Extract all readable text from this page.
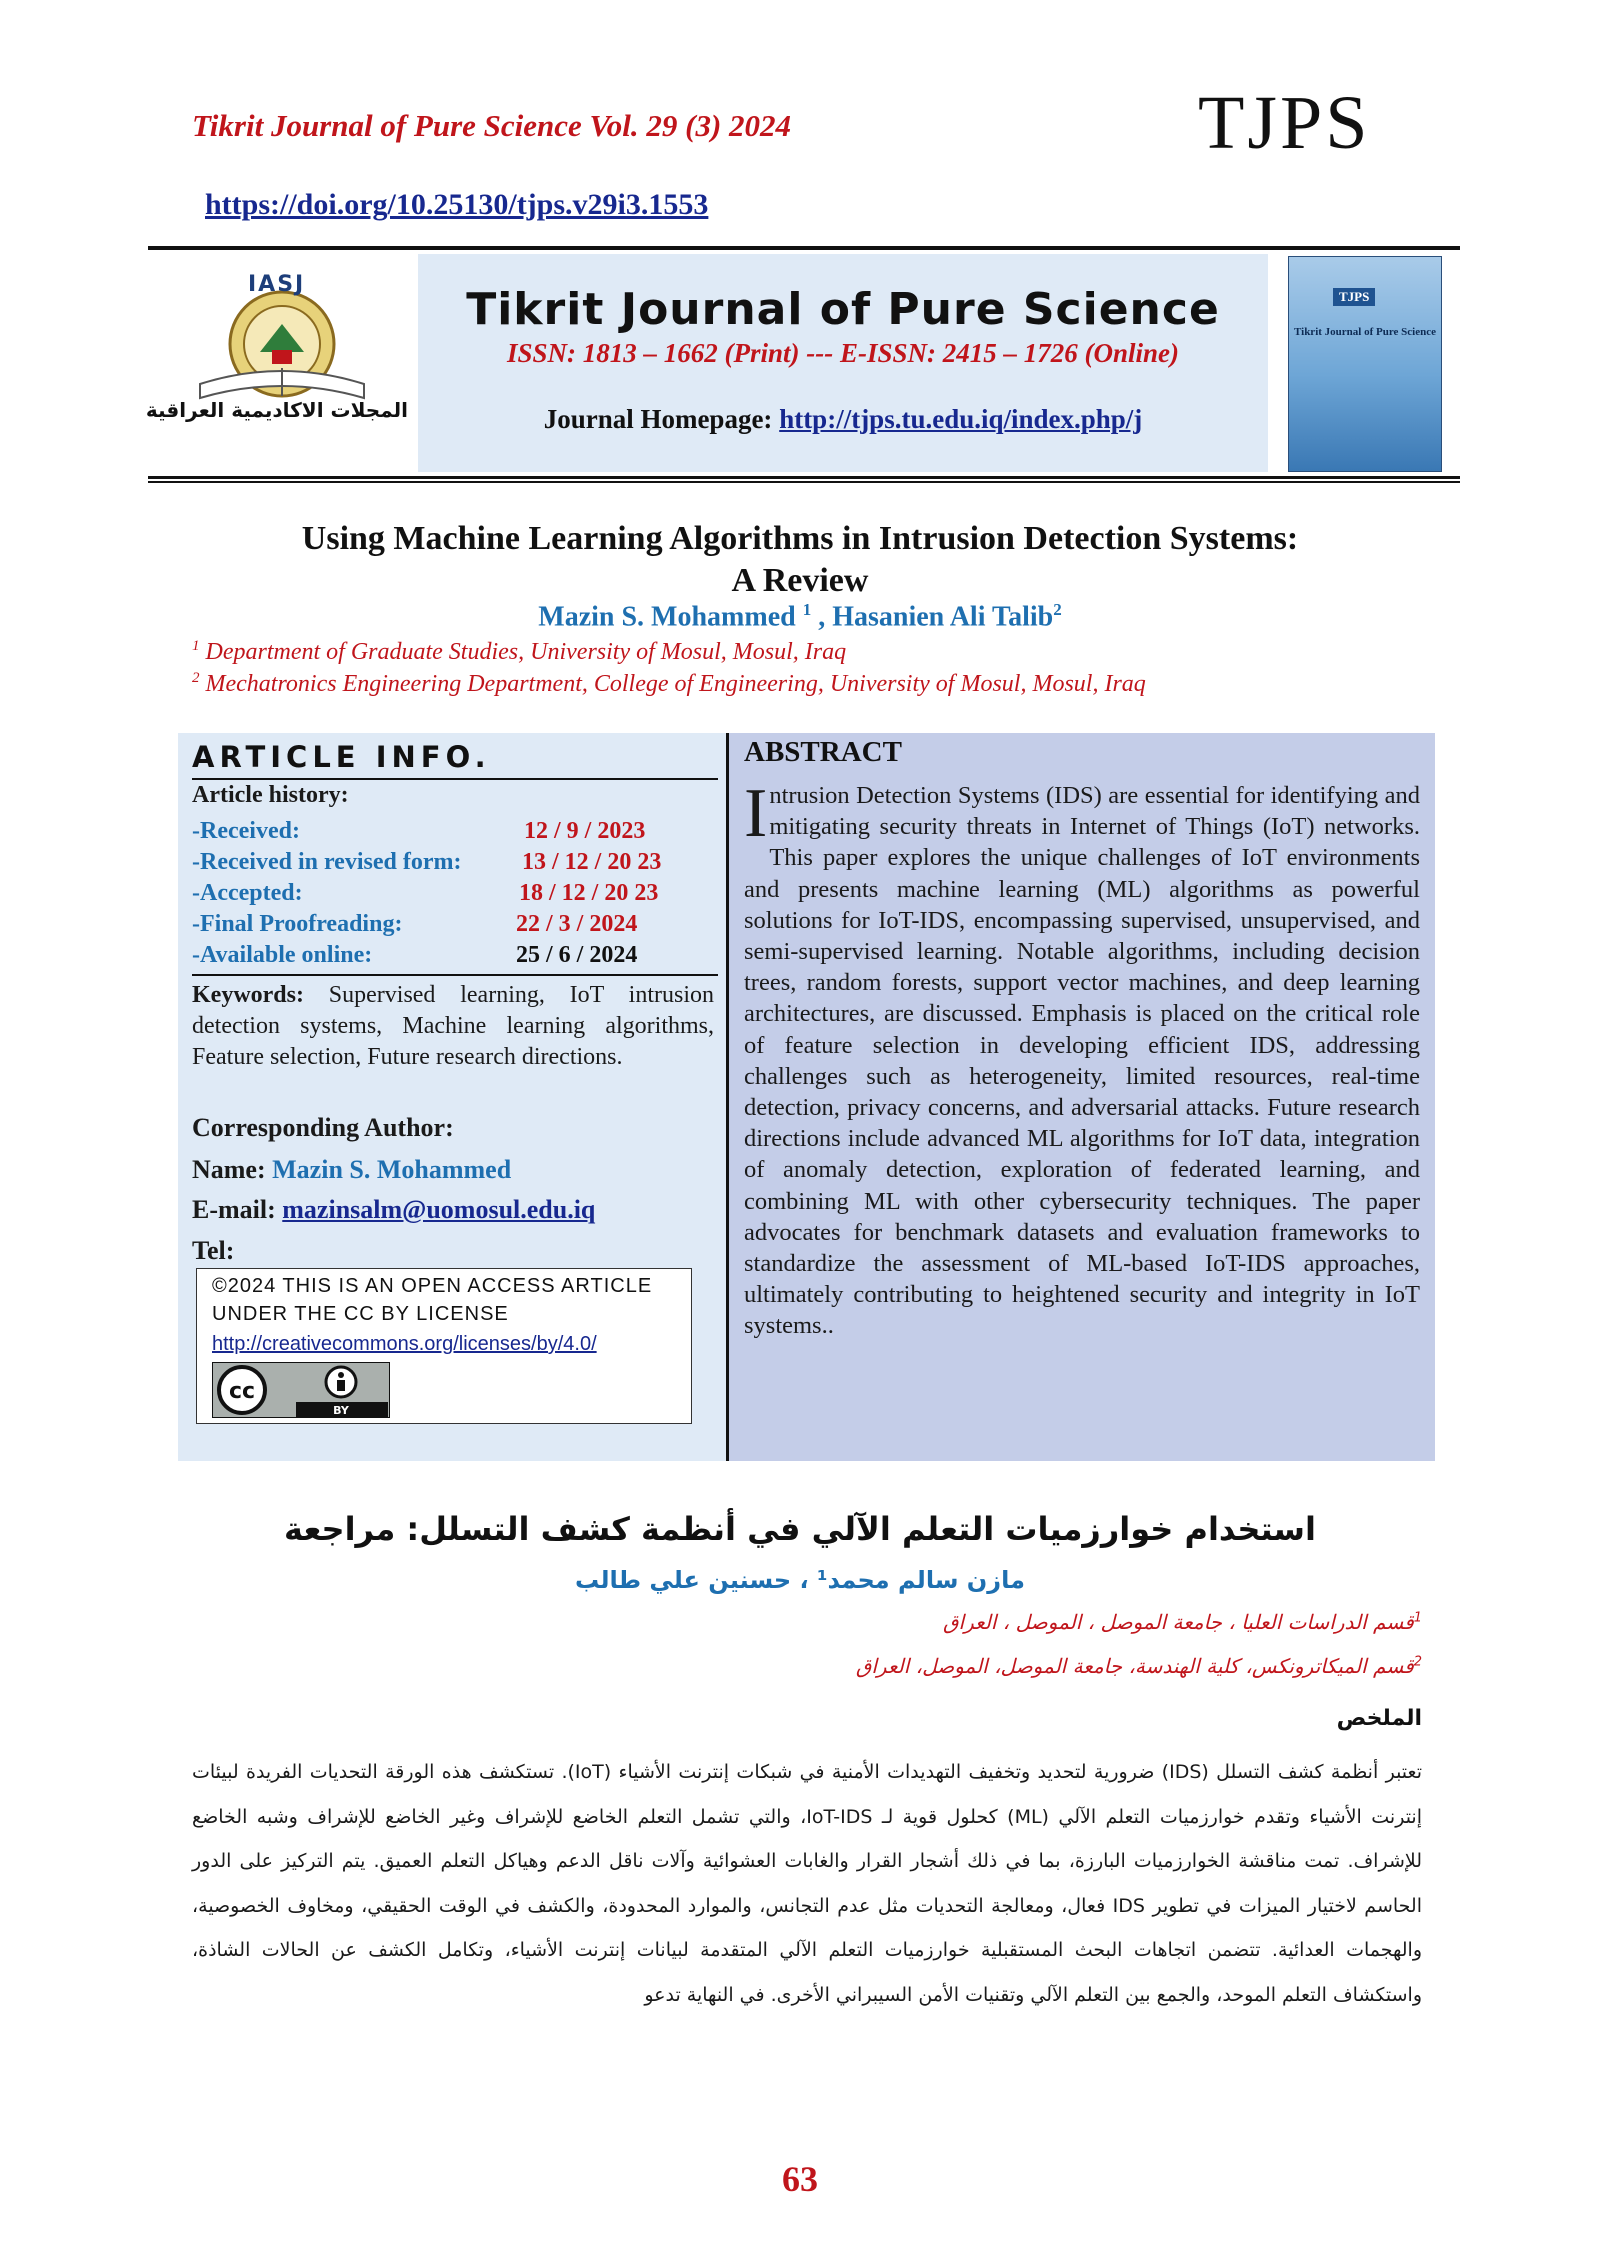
Tikrit Journal of Pure Science Vol. 29 (3) 2024	TJPS
https://doi.org/10.25130/tjps.v29i3.1553
IASJ
المجلات الاكاديمية العراقية
Tikrit Journal of Pure Science
ISSN: 1813 – 1662 (Print) --- E-ISSN: 2415 – 1726 (Online)
Journal Homepage: http://tjps.tu.edu.iq/index.php/j
TJPS
Tikrit Journal of Pure Science
Using Machine Learning Algorithms in Intrusion Detection Systems:
A Review
Mazin S. Mohammed $^1$ , Hasanien Ali Talib$^2$
$^1$ Department of Graduate Studies, University of Mosul, Mosul, Iraq
$^2$ Mechatronics Engineering Department, College of Engineering, University of Mosul, Mosul, Iraq
ARTICLE INFO.
Article history:
-Received:	12 / 9 / 2023
-Received in revised form:	13 / 12 / 20 23
-Accepted:	18 / 12 / 20 23
-Final Proofreading:	22 / 3 / 2024
-Available online:	25 / 6 / 2024
Keywords: Supervised learning, IoT intrusion detection systems, Machine learning algorithms, Feature selection, Future research directions.
Corresponding Author:
Name: Mazin S. Mohammed
E-mail: mazinsalm@uomosul.edu.iq
Tel:
©2024 THIS IS AN OPEN ACCESS ARTICLE
UNDER THE CC BY LICENSE
http://creativecommons.org/licenses/by/4.0/
cc
BY
ABSTRACT
Intrusion Detection Systems (IDS) are essential for identifying and mitigating security threats in Internet of Things (IoT) networks. This paper explores the unique challenges of IoT environments and presents machine learning (ML) algorithms as powerful solutions for IoT-IDS, encompassing supervised, unsupervised, and semi-supervised learning. Notable algorithms, including decision trees, random forests, support vector machines, and deep learning architectures, are discussed. Emphasis is placed on the critical role of feature selection in developing efficient IDS, addressing challenges such as heterogeneity, limited resources, real-time detection, privacy concerns, and adversarial attacks. Future research directions include advanced ML algorithms for IoT data, integration of anomaly detection, exploration of federated learning, and combining ML with other cybersecurity techniques. The paper advocates for benchmark datasets and evaluation frameworks to standardize the assessment of ML-based IoT-IDS approaches, ultimately contributing to heightened security and integrity in IoT systems..
استخدام خوارزميات التعلم الآلي في أنظمة كشف التسلل: مراجعة
مازن سالم محمد¹ ، حسنين علي طالب
$^1$قسم الدراسات العليا ، جامعة الموصل ، الموصل ، العراق
$^2$قسم الميكاترونكس، كلية الهندسة، جامعة الموصل، الموصل، العراق
الملخص
تعتبر أنظمة كشف التسلل (IDS) ضرورية لتحديد وتخفيف التهديدات الأمنية في شبكات إنترنت الأشياء (IoT). تستكشف هذه الورقة التحديات الفريدة لبيئات إنترنت الأشياء وتقدم خوارزميات التعلم الآلي (ML) كحلول قوية لـ IoT-IDS، والتي تشمل التعلم الخاضع للإشراف وغير الخاضع للإشراف وشبه الخاضع للإشراف. تمت مناقشة الخوارزميات البارزة، بما في ذلك أشجار القرار والغابات العشوائية وآلات ناقل الدعم وهياكل التعلم العميق. يتم التركيز على الدور الحاسم لاختيار الميزات في تطوير IDS فعال، ومعالجة التحديات مثل عدم التجانس، والموارد المحدودة، والكشف في الوقت الحقيقي، ومخاوف الخصوصية، والهجمات العدائية. تتضمن اتجاهات البحث المستقبلية خوارزميات التعلم الآلي المتقدمة لبيانات إنترنت الأشياء، وتكامل الكشف عن الحالات الشاذة، واستكشاف التعلم الموحد، والجمع بين التعلم الآلي وتقنيات الأمن السيبراني الأخرى. في النهاية تدعو
63
